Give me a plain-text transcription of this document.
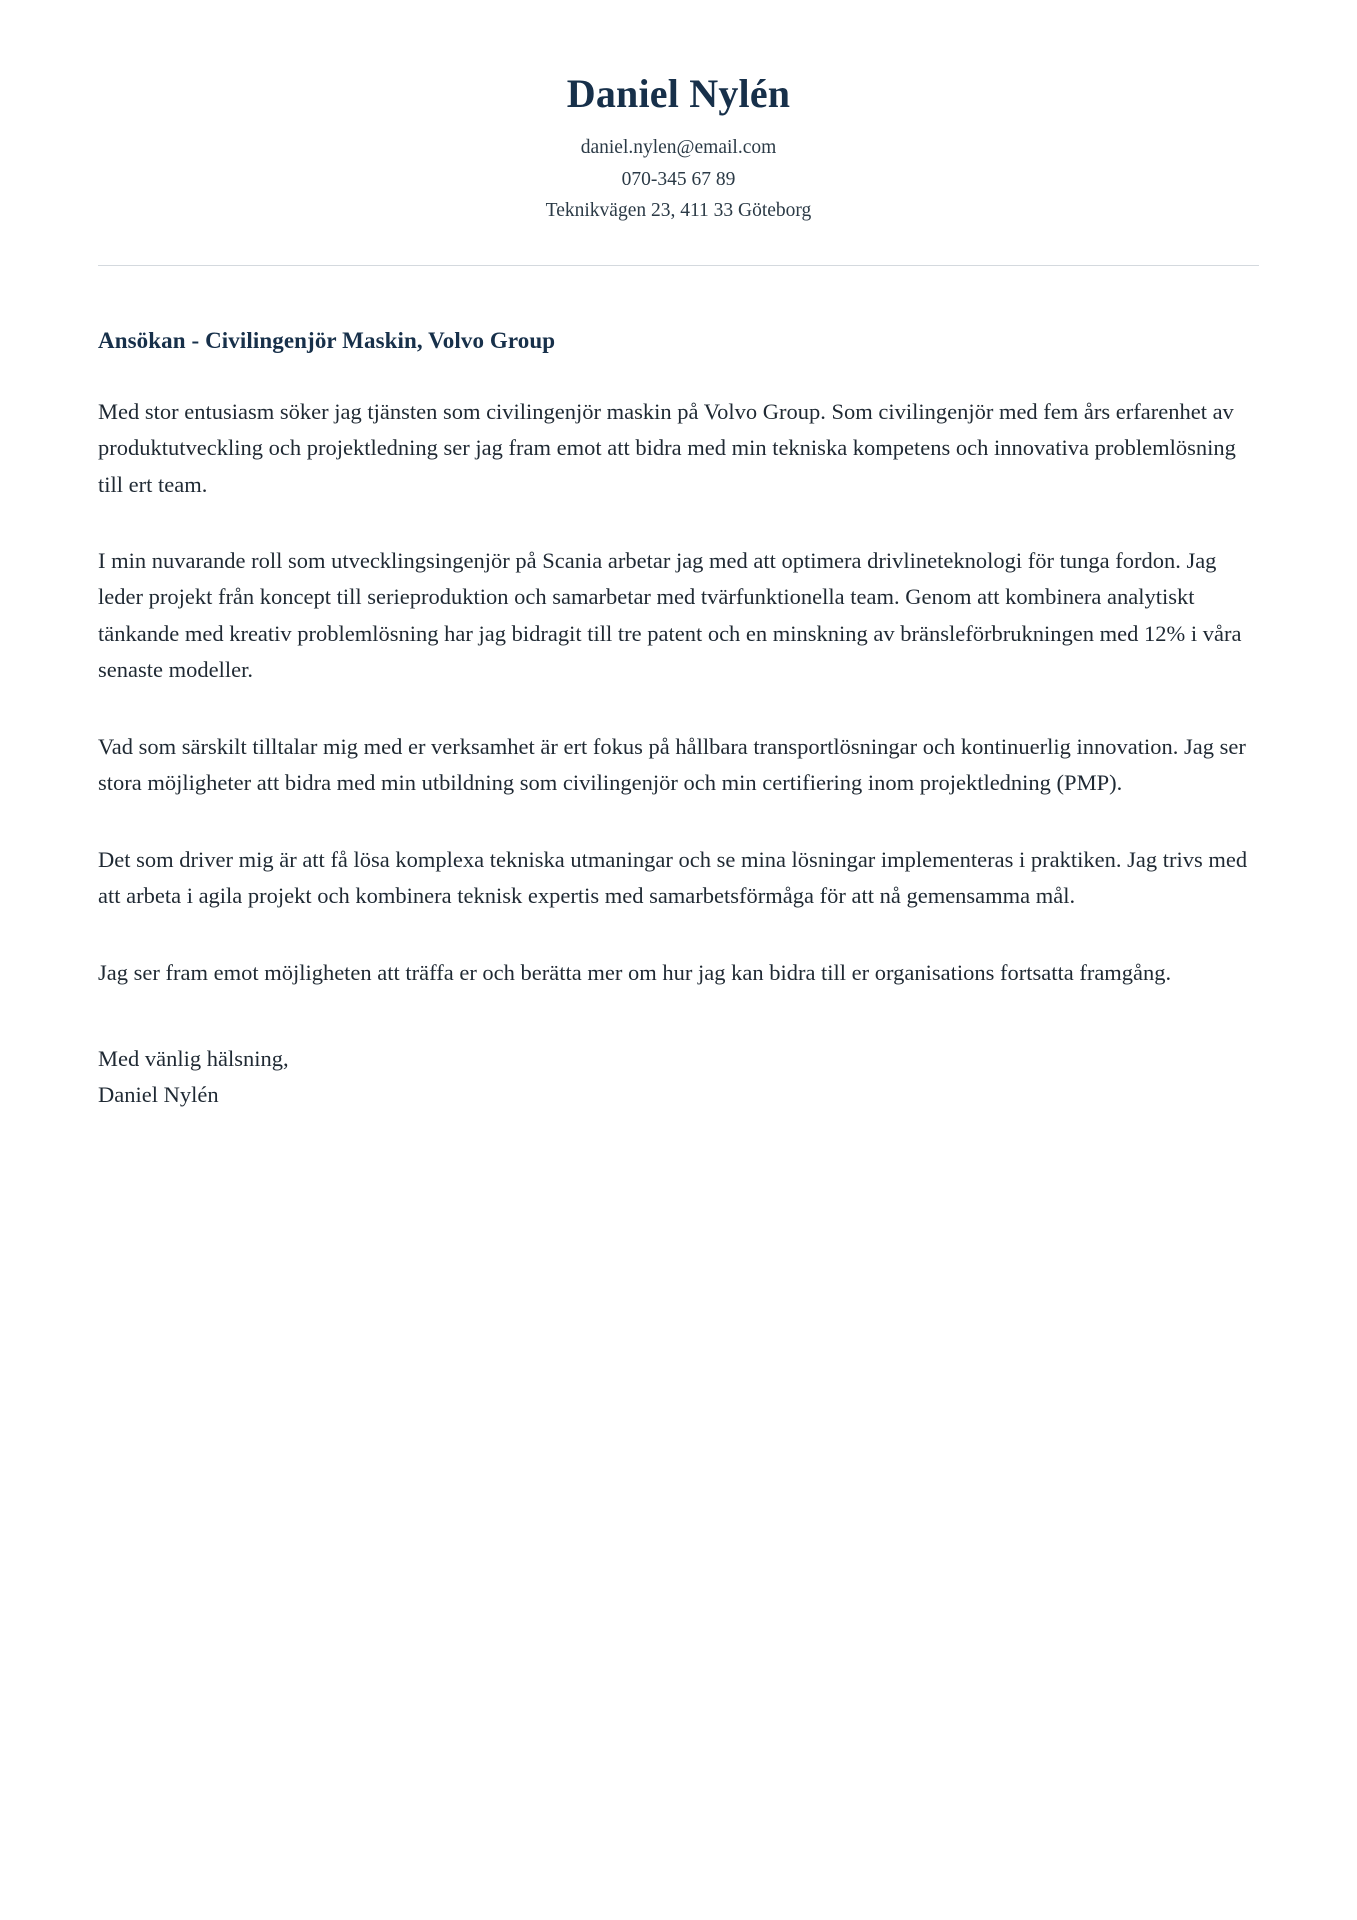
Daniel Nylén

daniel.nylen@email.com

070-345 67 89

Teknikvägen 23, 411 33 Göteborg

Ansökan - Civilingenjör Maskin, Volvo Group

Med stor entusiasm söker jag tjänsten som civilingenjör maskin på Volvo Group. Som civilingenjör med fem års erfarenhet av produktutveckling och projektledning ser jag fram emot att bidra med min tekniska kompetens och innovativa problemlösning till ert team.

I min nuvarande roll som utvecklingsingenjör på Scania arbetar jag med att optimera drivlineteknologi för tunga fordon. Jag leder projekt från koncept till serieproduktion och samarbetar med tvärfunktionella team. Genom att kombinera analytiskt tänkande med kreativ problemlösning har jag bidragit till tre patent och en minskning av bränsleförbrukningen med 12% i våra senaste modeller.

Vad som särskilt tilltalar mig med er verksamhet är ert fokus på hållbara transportlösningar och kontinuerlig innovation. Jag ser stora möjligheter att bidra med min utbildning som civilingenjör och min certifiering inom projektledning (PMP).

Det som driver mig är att få lösa komplexa tekniska utmaningar och se mina lösningar implementeras i praktiken. Jag trivs med att arbeta i agila projekt och kombinera teknisk expertis med samarbetsförmåga för att nå gemensamma mål.

Jag ser fram emot möjligheten att träffa er och berätta mer om hur jag kan bidra till er organisations fortsatta framgång.

Med vänlig hälsning,
Daniel Nylén
